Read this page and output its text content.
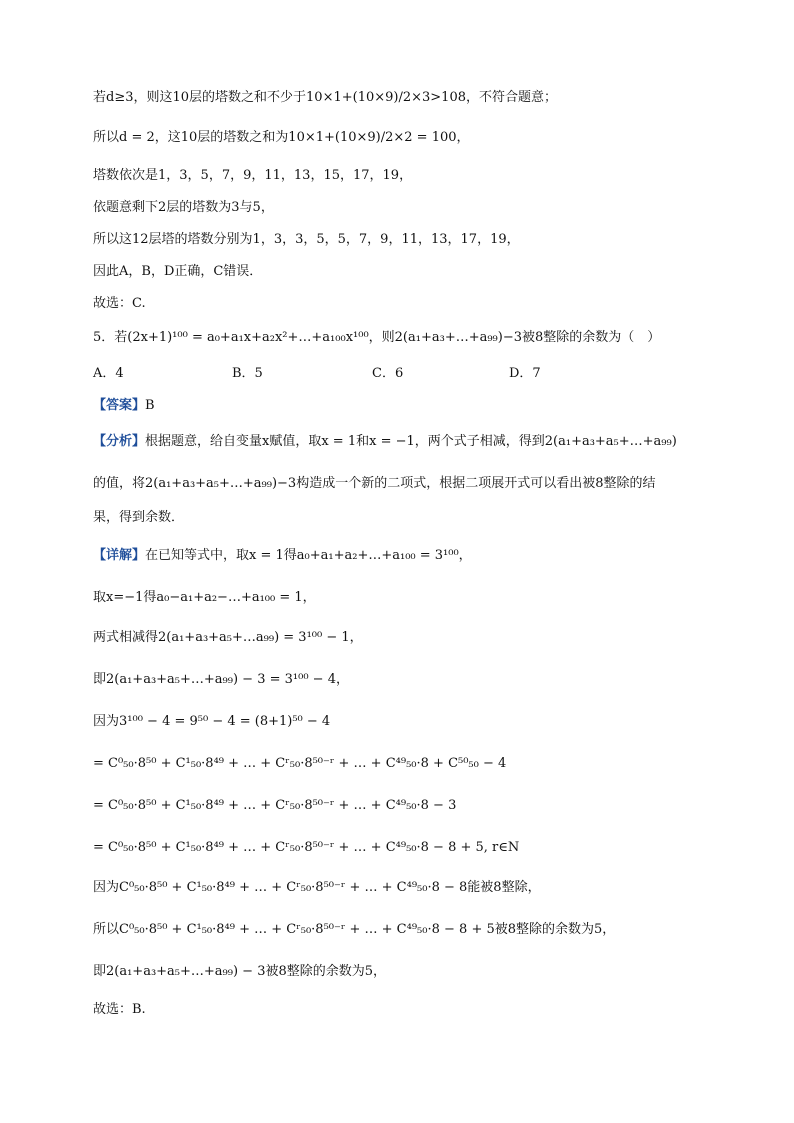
若d≥3，则这10层的塔数之和不少于10×1+(10×9)/2×3>108，不符合题意；
所以d = 2，这10层的塔数之和为10×1+(10×9)/2×2 = 100，
塔数依次是1，3，5，7，9，11，13，15，17，19，
依题意剩下2层的塔数为3与5，
所以这12层塔的塔数分别为1，3，3，5，5，7，9，11，13，17，19，
因此A，B，D正确，C错误．
故选：C.
5．若(2x+1)¹⁰⁰ = a₀+a₁x+a₂x²+…+a₁₀₀x¹⁰⁰，则2(a₁+a₃+…+a₉₉)−3被8整除的余数为（　）
A．4	B．5	C．6	D．7
【答案】B
【分析】根据题意，给自变量x赋值，取x = 1和x = −1，两个式子相减，得到2(a₁+a₃+a₅+…+a₉₉)
的值，将2(a₁+a₃+a₅+…+a₉₉)−3构造成一个新的二项式，根据二项展开式可以看出被8整除的结
果，得到余数．
【详解】在已知等式中，取x = 1得a₀+a₁+a₂+…+a₁₀₀ = 3¹⁰⁰，
取x=−1得a₀−a₁+a₂−…+a₁₀₀ = 1，
两式相减得2(a₁+a₃+a₅+…a₉₉) = 3¹⁰⁰ − 1，
即2(a₁+a₃+a₅+…+a₉₉) − 3 = 3¹⁰⁰ − 4，
因为3¹⁰⁰ − 4 = 9⁵⁰ − 4 = (8+1)⁵⁰ − 4
= C⁰₅₀·8⁵⁰ + C¹₅₀·8⁴⁹ + … + Cʳ₅₀·8⁵⁰⁻ʳ + … + C⁴⁹₅₀·8 + C⁵⁰₅₀ − 4
= C⁰₅₀·8⁵⁰ + C¹₅₀·8⁴⁹ + … + Cʳ₅₀·8⁵⁰⁻ʳ + … + C⁴⁹₅₀·8 − 3
= C⁰₅₀·8⁵⁰ + C¹₅₀·8⁴⁹ + … + Cʳ₅₀·8⁵⁰⁻ʳ + … + C⁴⁹₅₀·8 − 8 + 5, r∈N
因为C⁰₅₀·8⁵⁰ + C¹₅₀·8⁴⁹ + … + Cʳ₅₀·8⁵⁰⁻ʳ + … + C⁴⁹₅₀·8 − 8能被8整除，
所以C⁰₅₀·8⁵⁰ + C¹₅₀·8⁴⁹ + … + Cʳ₅₀·8⁵⁰⁻ʳ + … + C⁴⁹₅₀·8 − 8 + 5被8整除的余数为5，
即2(a₁+a₃+a₅+…+a₉₉) − 3被8整除的余数为5，
故选：B.
